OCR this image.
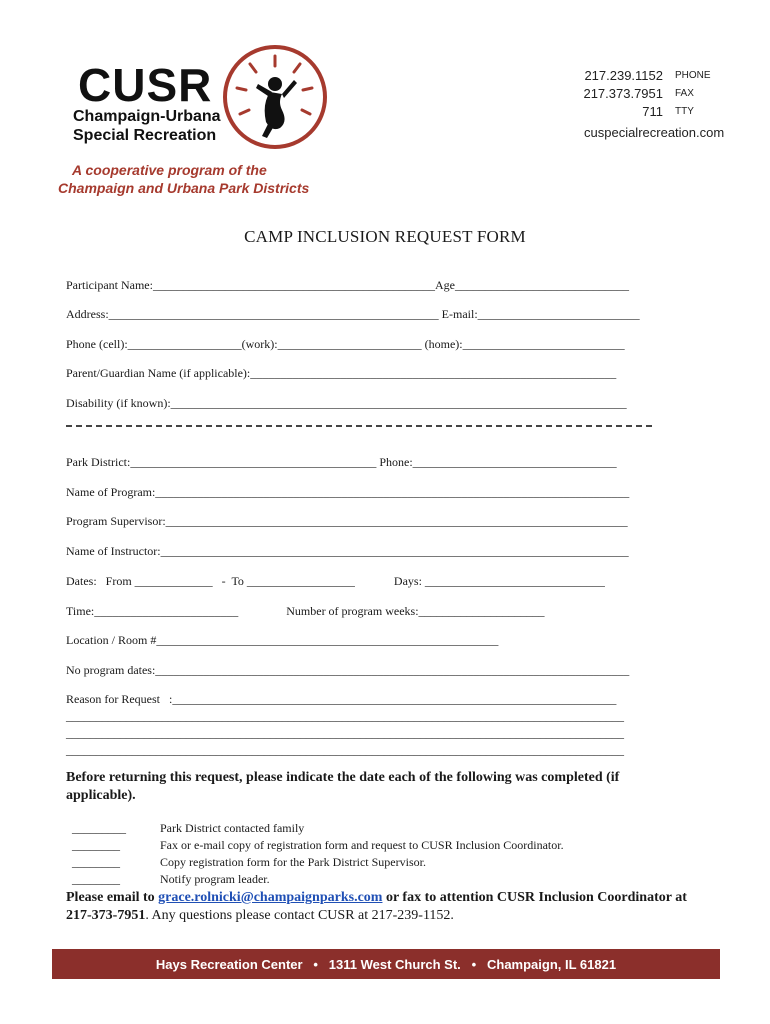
CUSR
Champaign-Urbana
Special Recreation
A cooperative program of the
Champaign and Urbana Park Districts
217.239.1152	PHONE
217.373.7951	FAX
711	TTY
cuspecialrecreation.com
CAMP INCLUSION REQUEST FORM
Participant Name:_______________________________________________Age_____________________________
Address:_______________________________________________________ E-mail:___________________________
Phone (cell):___________________(work):________________________ (home):___________________________
Parent/Guardian Name (if applicable):_____________________________________________________________
Disability (if known):____________________________________________________________________________
Park District:_________________________________________ Phone:__________________________________
Name of Program:_______________________________________________________________________________
Program Supervisor:_____________________________________________________________________________
Name of Instructor:______________________________________________________________________________
Dates:   From _____________   -  To __________________             Days: ______________________________
Time:________________________                Number of program weeks:_____________________
Location / Room #_________________________________________________________
No program dates:_______________________________________________________________________________
Reason for Request   :__________________________________________________________________________
_____________________________________________________________________________________________
_____________________________________________________________________________________________
_____________________________________________________________________________________________
Before returning this request, please indicate the date each of the following was completed (if applicable).

_________	Park District contacted family

________	Fax or e-mail copy of registration form and request to CUSR Inclusion Coordinator.

________	Copy registration form for the Park District Supervisor.

________	Notify program leader.

Please email to grace.rolnicki@champaignparks.com or fax to attention CUSR Inclusion Coordinator at 217-373-7951. Any questions please contact CUSR at 217-239-1152.
Hays Recreation Center   •   1311 West Church St.   •   Champaign, IL 61821
